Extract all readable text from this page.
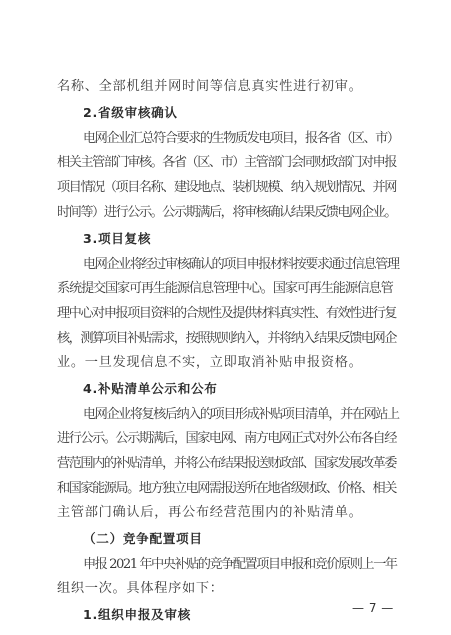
名称、全部机组并网时间等信息真实性进行初审。
2.省级审核确认
电网企业汇总符合要求的生物质发电项目，报各省（区、市）
相关主管部门审核。各省（区、市）主管部门会同财政部门对申报
项目情况（项目名称、建设地点、装机规模、纳入规划情况、并网
时间等）进行公示。公示期满后，将审核确认结果反馈电网企业。
3.项目复核
电网企业将经过审核确认的项目申报材料按要求通过信息管理
系统提交国家可再生能源信息管理中心。国家可再生能源信息管
理中心对申报项目资料的合规性及提供材料真实性、有效性进行复
核，测算项目补贴需求，按照规则纳入，并将纳入结果反馈电网企
业。一旦发现信息不实，立即取消补贴申报资格。
4.补贴清单公示和公布
电网企业将复核后纳入的项目形成补贴项目清单，并在网站上
进行公示。公示期满后，国家电网、南方电网正式对外公布各自经
营范围内的补贴清单，并将公布结果报送财政部、国家发展改革委
和国家能源局。地方独立电网需报送所在地省级财政、价格、相关
主管部门确认后，再公布经营范围内的补贴清单。
（二）竞争配置项目
申报 2021 年中央补贴的竞争配置项目申报和竞价原则上一年
组织一次。具体程序如下：
1.组织申报及审核	— 7 —
